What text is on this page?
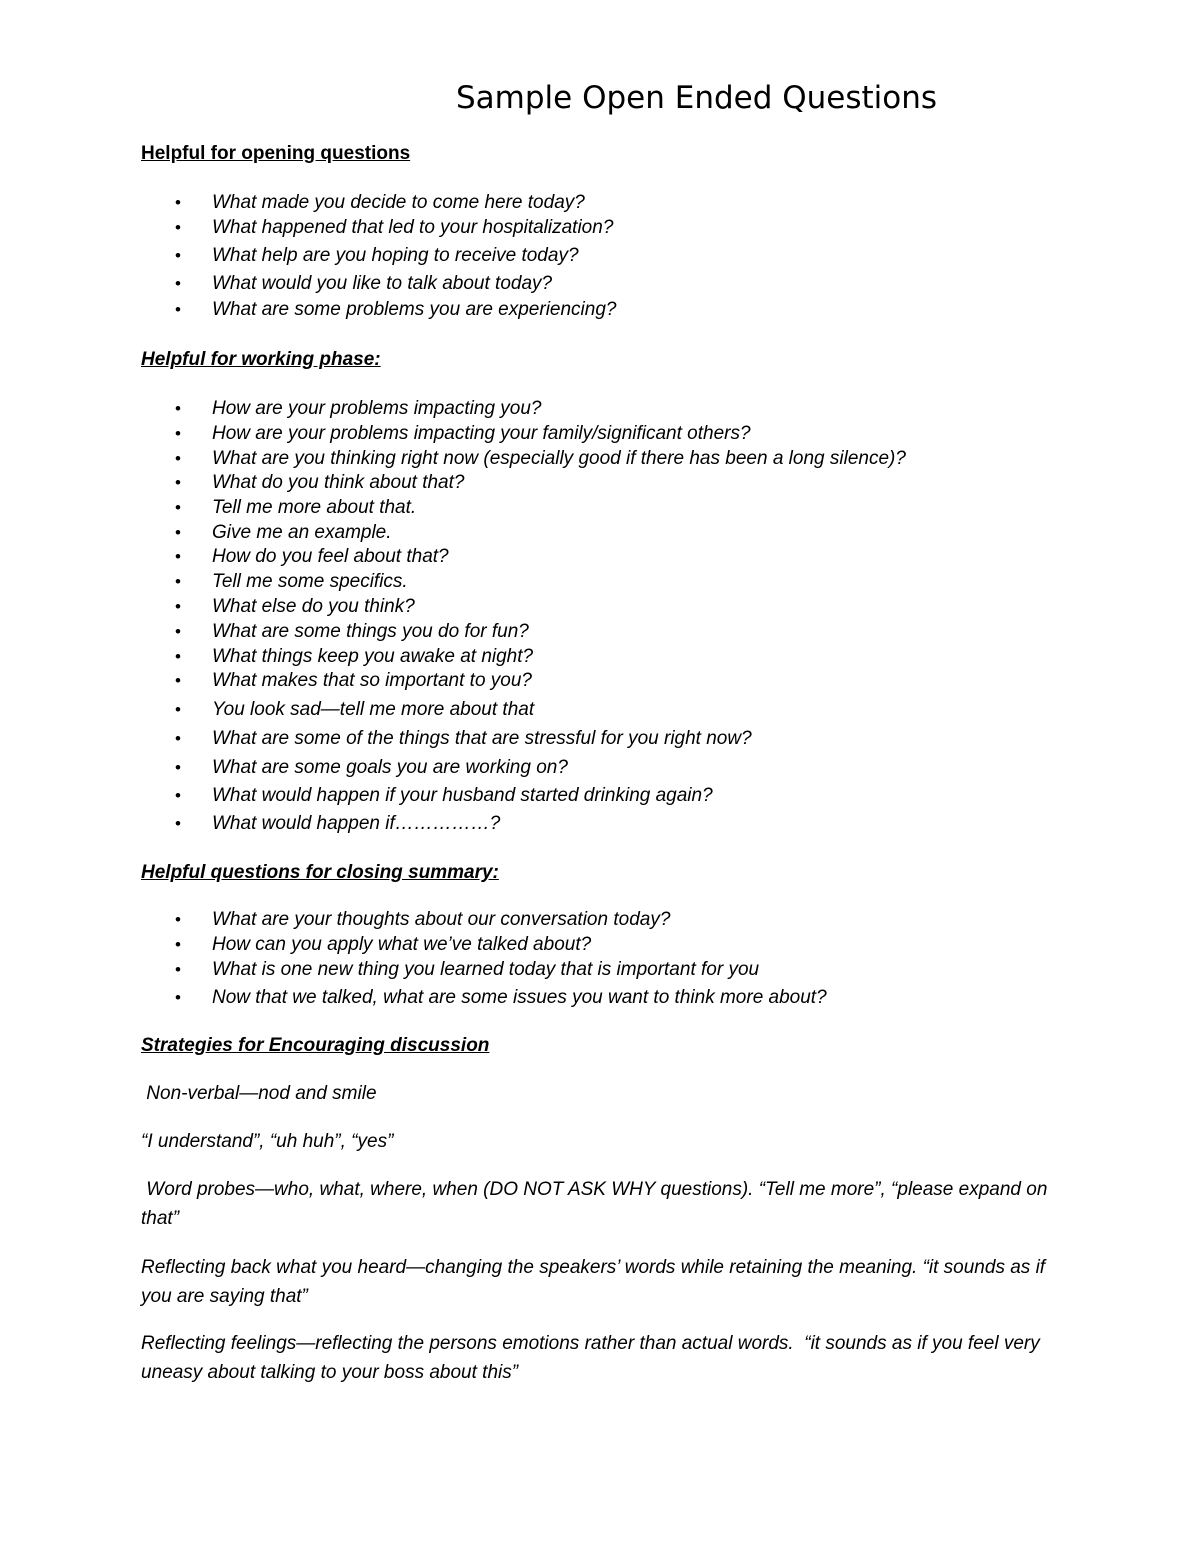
Sample Open Ended Questions
Helpful for opening questions
• What made you decide to come here today?
• What happened that led to your hospitalization?
• What help are you hoping to receive today?
• What would you like to talk about today?
• What are some problems you are experiencing?
Helpful for working phase:
• How are your problems impacting you?
• How are your problems impacting your family/significant others?
• What are you thinking right now (especially good if there has been a long silence)?
• What do you think about that?
• Tell me more about that.
• Give me an example.
• How do you feel about that?
• Tell me some specifics.
• What else do you think?
• What are some things you do for fun?
• What things keep you awake at night?
• What makes that so important to you?
• You look sad—tell me more about that
• What are some of the things that are stressful for you right now?
• What are some goals you are working on?
• What would happen if your husband started drinking again?
• What would happen if……………?
Helpful questions for closing summary:
• What are your thoughts about our conversation today?
• How can you apply what we’ve talked about?
• What is one new thing you learned today that is important for you
• Now that we talked, what are some issues you want to think more about?
Strategies for Encouraging discussion

Non-verbal—nod and smile

“I understand”, “uh huh”, “yes”

Word probes—who, what, where, when (DO NOT ASK WHY questions). “Tell me more”, “please expand on that”

Reflecting back what you heard—changing the speakers’ words while retaining the meaning. “it sounds as if you are saying that”

Reflecting feelings—reflecting the persons emotions rather than actual words.  “it sounds as if you feel very uneasy about talking to your boss about this”
